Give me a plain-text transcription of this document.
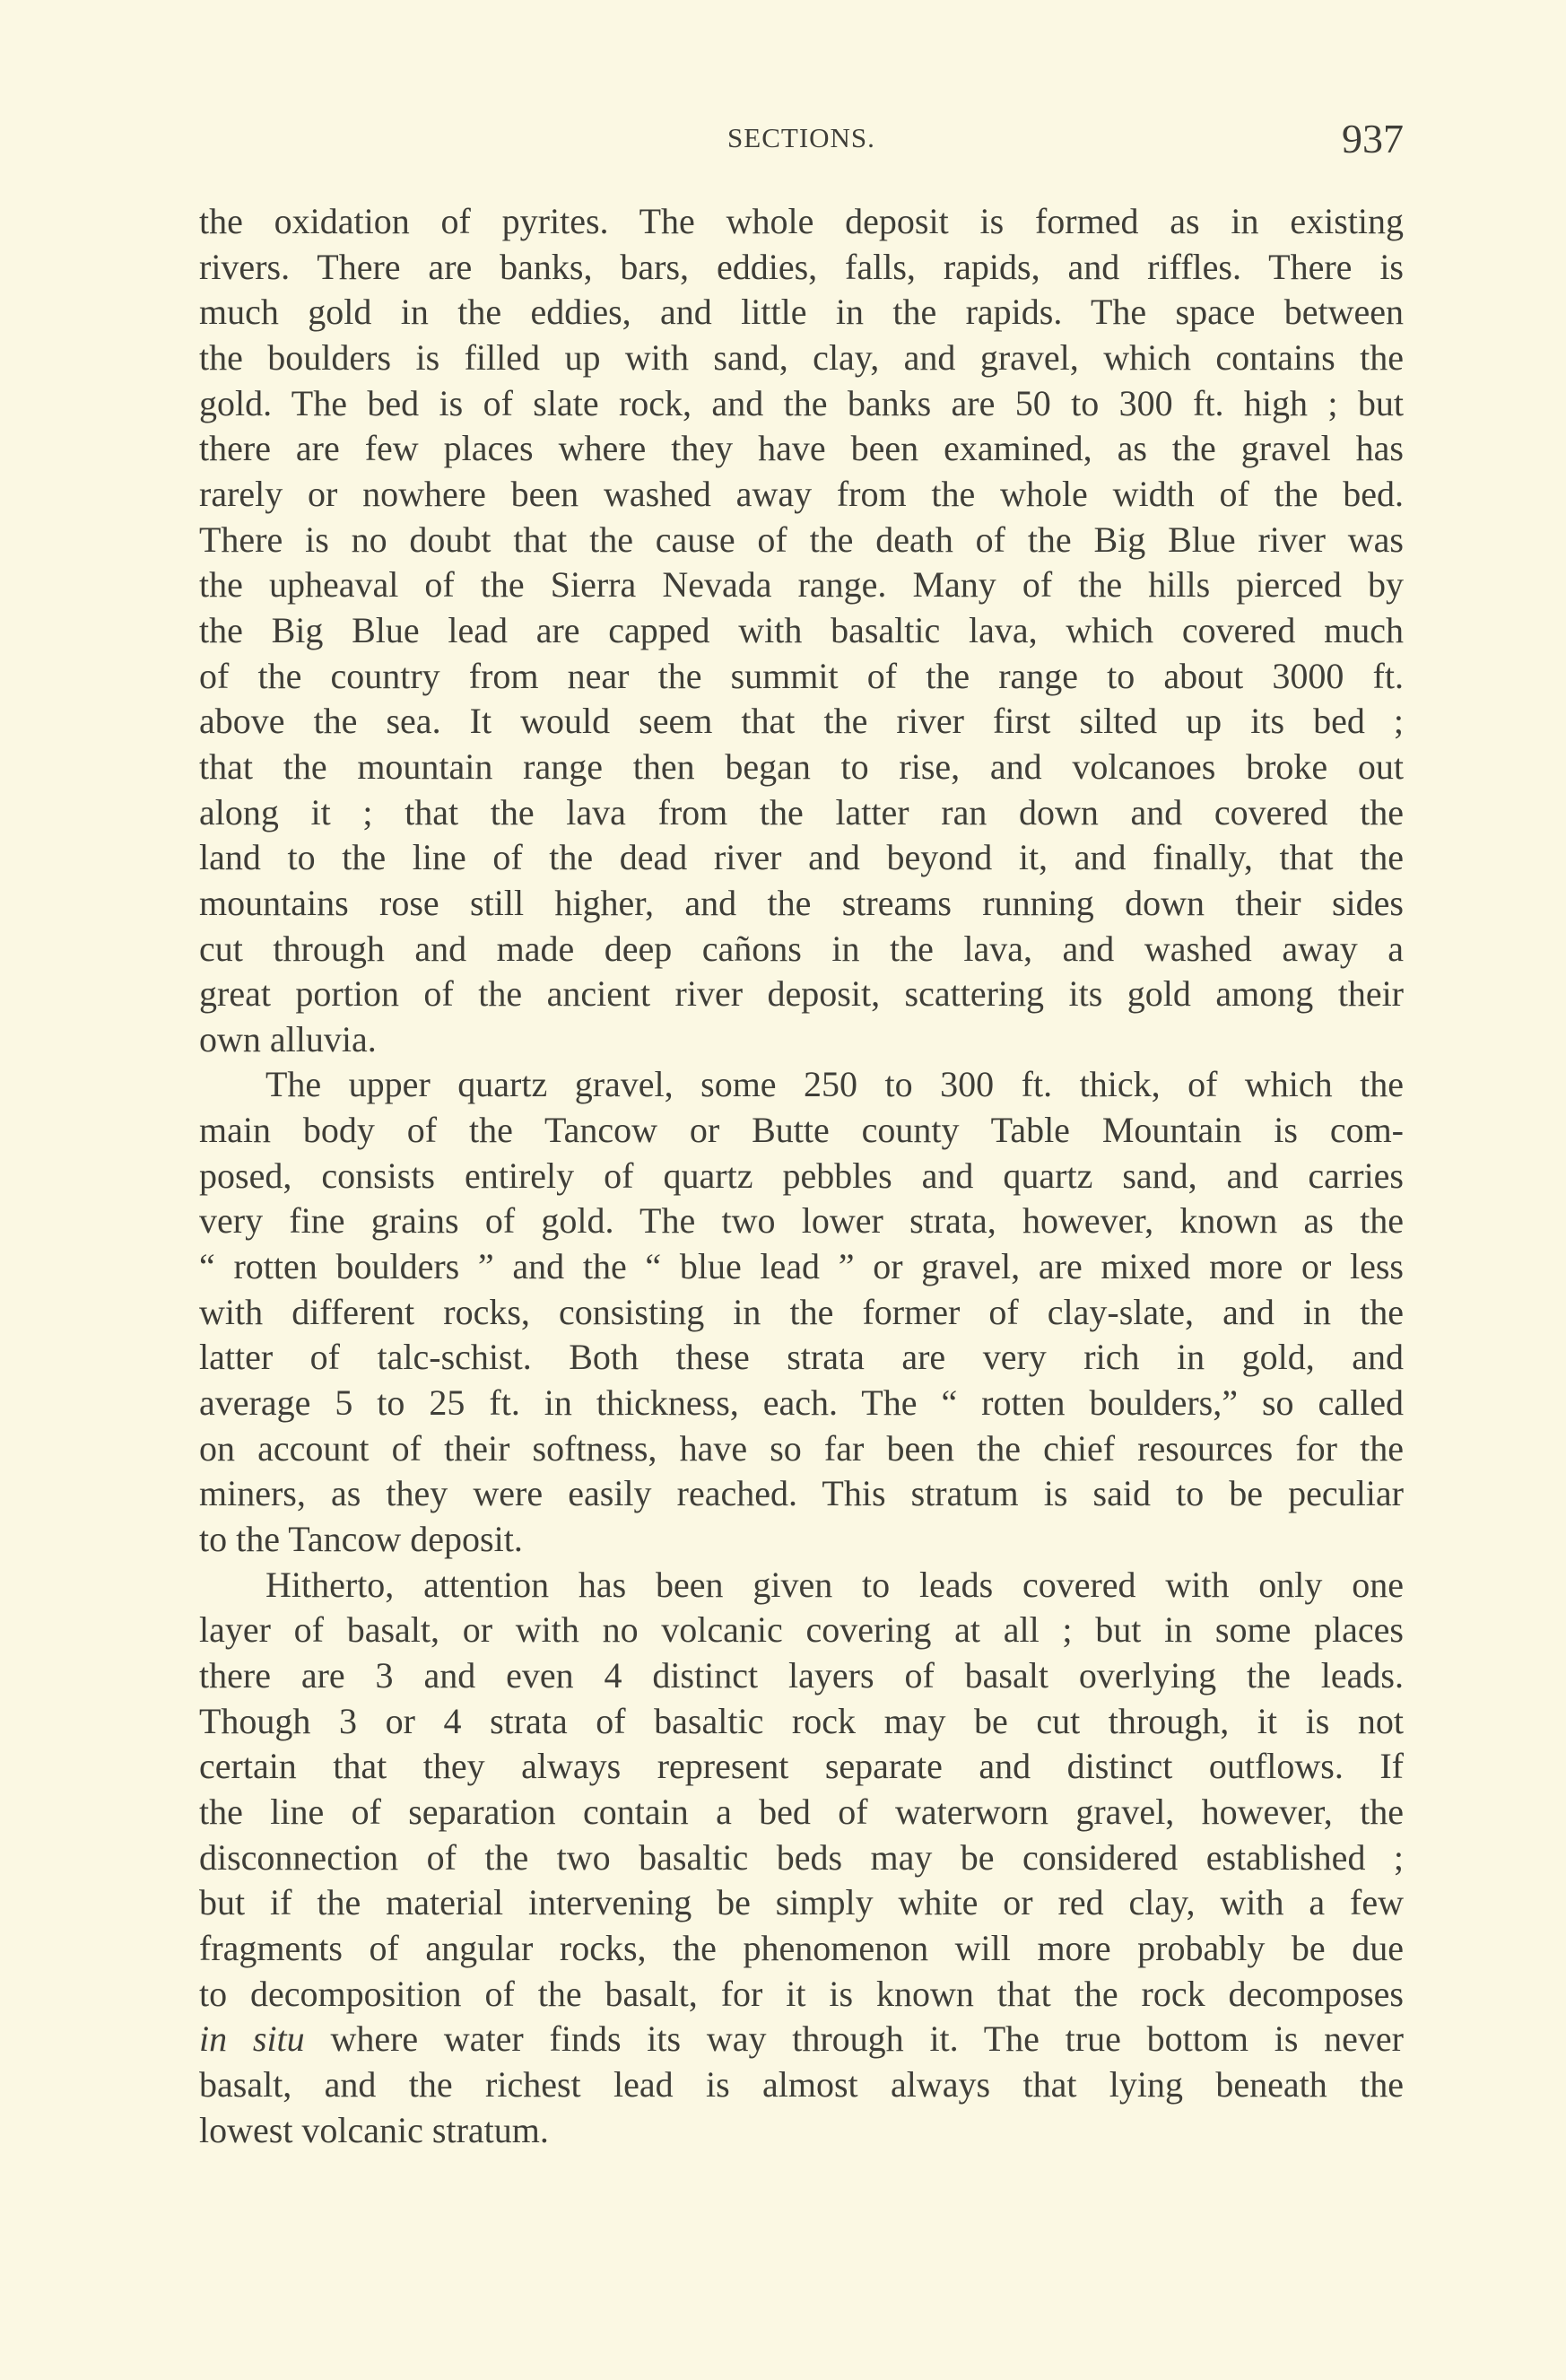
SECTIONS.	937
the oxidation of pyrites. The whole deposit is formed as in existing
rivers. There are banks, bars, eddies, falls, rapids, and riffles. There is
much gold in the eddies, and little in the rapids. The space between
the boulders is filled up with sand, clay, and gravel, which contains the
gold. The bed is of slate rock, and the banks are 50 to 300 ft. high ; but
there are few places where they have been examined, as the gravel has
rarely or nowhere been washed away from the whole width of the bed.
There is no doubt that the cause of the death of the Big Blue river was
the upheaval of the Sierra Nevada range. Many of the hills pierced by
the Big Blue lead are capped with basaltic lava, which covered much
of the country from near the summit of the range to about 3000 ft.
above the sea. It would seem that the river first silted up its bed ;
that the mountain range then began to rise, and volcanoes broke out
along it ; that the lava from the latter ran down and covered the
land to the line of the dead river and beyond it, and finally, that the
mountains rose still higher, and the streams running down their sides
cut through and made deep cañons in the lava, and washed away a
great portion of the ancient river deposit, scattering its gold among their
own alluvia.
The upper quartz gravel, some 250 to 300 ft. thick, of which the
main body of the Tancow or Butte county Table Mountain is com-
posed, consists entirely of quartz pebbles and quartz sand, and carries
very fine grains of gold. The two lower strata, however, known as the
“ rotten boulders ” and the “ blue lead ” or gravel, are mixed more or less
with different rocks, consisting in the former of clay-slate, and in the
latter of talc-schist. Both these strata are very rich in gold, and
average 5 to 25 ft. in thickness, each. The “ rotten boulders,” so called
on account of their softness, have so far been the chief resources for the
miners, as they were easily reached. This stratum is said to be peculiar
to the Tancow deposit.
Hitherto, attention has been given to leads covered with only one
layer of basalt, or with no volcanic covering at all ; but in some places
there are 3 and even 4 distinct layers of basalt overlying the leads.
Though 3 or 4 strata of basaltic rock may be cut through, it is not
certain that they always represent separate and distinct outflows. If
the line of separation contain a bed of waterworn gravel, however, the
disconnection of the two basaltic beds may be considered established ;
but if the material intervening be simply white or red clay, with a few
fragments of angular rocks, the phenomenon will more probably be due
to decomposition of the basalt, for it is known that the rock decomposes
in situ where water finds its way through it. The true bottom is never
basalt, and the richest lead is almost always that lying beneath the
lowest volcanic stratum.
